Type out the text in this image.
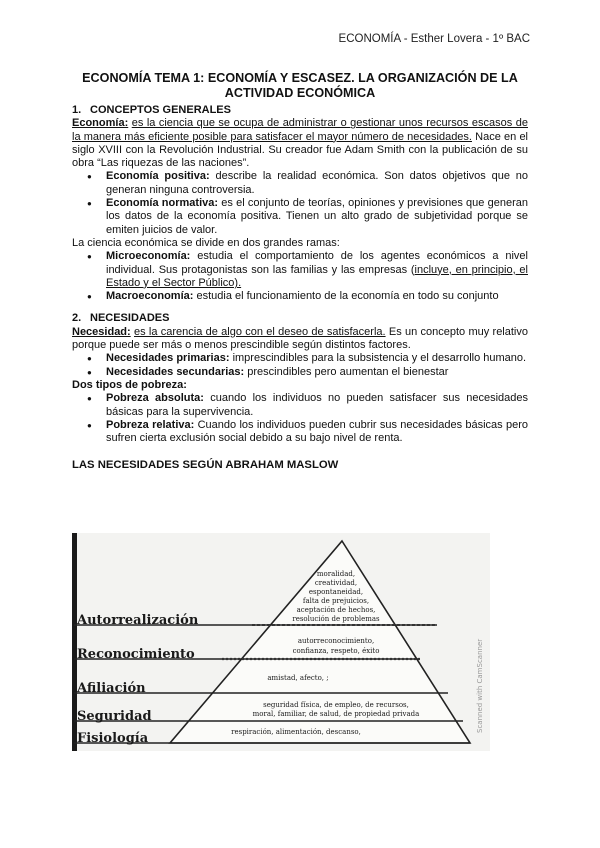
ECONOMÍA - Esther Lovera - 1º BAC
ECONOMÍA TEMA 1: ECONOMÍA Y ESCASEZ. LA ORGANIZACIÓN DE LA ACTIVIDAD ECONÓMICA
1. CONCEPTOS GENERALES

Economía: es la ciencia que se ocupa de administrar o gestionar unos recursos escasos de la manera más eficiente posible para satisfacer el mayor número de necesidades. Nace en el siglo XVIII con la Revolución Industrial. Su creador fue Adam Smith con la publicación de su obra “Las riquezas de las naciones”.

● Economía positiva: describe la realidad económica. Son datos objetivos que no generan ninguna controversia.
● Economía normativa: es el conjunto de teorías, opiniones y previsiones que generan los datos de la economía positiva. Tienen un alto grado de subjetividad porque se emiten juicios de valor.

La ciencia económica se divide en dos grandes ramas:

● Microeconomía: estudia el comportamiento de los agentes económicos a nivel individual. Sus protagonistas son las familias y las empresas (incluye, en principio, el Estado y el Sector Público).
● Macroeconomía: estudia el funcionamiento de la economía en todo su conjunto
2. NECESIDADES

Necesidad: es la carencia de algo con el deseo de satisfacerla. Es un concepto muy relativo porque puede ser más o menos prescindible según distintos factores.

● Necesidades primarias: imprescindibles para la subsistencia y el desarrollo humano.
● Necesidades secundarias: prescindibles pero aumentan el bienestar

Dos tipos de pobreza:

● Pobreza absoluta: cuando los individuos no pueden satisfacer sus necesidades básicas para la supervivencia.
● Pobreza relativa: Cuando los individuos pueden cubrir sus necesidades básicas pero sufren cierta exclusión social debido a su bajo nivel de renta.
LAS NECESIDADES SEGÚN ABRAHAM MASLOW
Autorrealización
Reconocimiento
Afiliación
Seguridad
Fisiología
moralidad,
creatividad,
espontaneidad,
falta de prejuicios,
aceptación de hechos,
resolución de problemas
autorreconocimiento,
confianza, respeto, éxito
amistad, afecto, ;
seguridad física, de empleo, de recursos,
moral, familiar, de salud, de propiedad privada
respiración, alimentación, descanso,	Scanned with CamScanner
